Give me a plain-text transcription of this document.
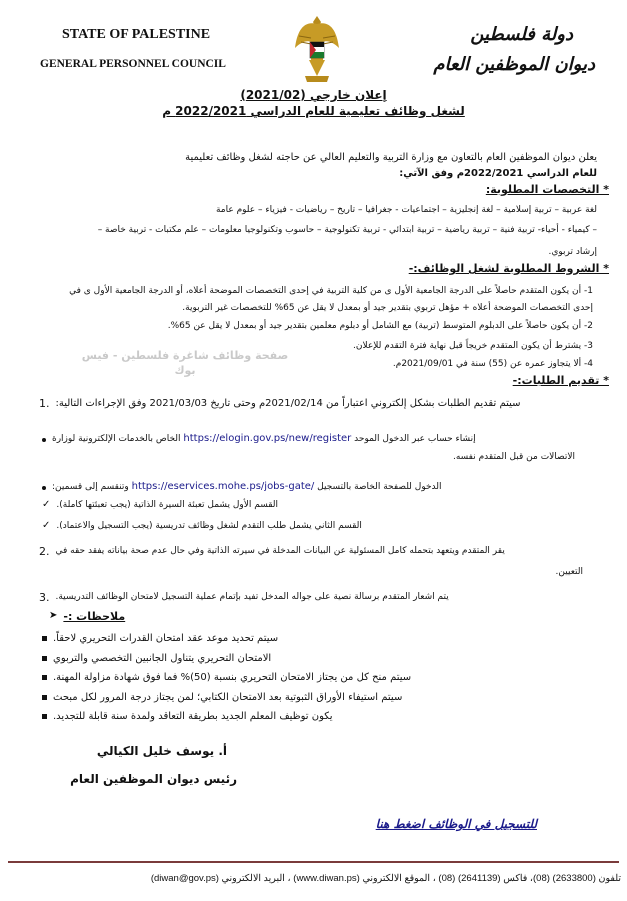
STATE OF PALESTINE
GENERAL PERSONNEL COUNCIL
دولة فلسطين
ديوان الموظفين العام
إعلان خارجي (2021/02)
لشغل وظائف تعليمية للعام الدراسي 2022/2021 م
يعلن ديوان الموظفين العام بالتعاون مع وزارة التربية والتعليم العالي عن حاجته لشغل وظائف تعليمية
للعام الدراسي 2022/2021م وفق الآتي:
* التخصصات المطلوبة:
لغة عربية – تربية إسلامية – لغة إنجليزية – اجتماعيات - جغرافيا – تاريخ – رياضيات - فيزياء – علوم عامة
– كيمياء - أحياء- تربية فنية – تربية رياضية – تربية ابتدائي - تربية تكنولوجية – حاسوب وتكنولوجيا معلومات – علم مكتبات - تربية خاصة –
إرشاد تربوي.
* الشروط المطلوبة لشغل الوظائف:-
1- أن يكون المتقدم حاصلاً على الدرجة الجامعية الأول ى من كلية التربية في إحدى التخصصات الموضحة أعلاه، أو الدرجة الجامعية الأول ى في
إحدى التخصصات الموضحة أعلاه + مؤهل تربوي بتقدير جيد أو بمعدل لا يقل عن 65% للتخصصات غير التربوية.
2- أن يكون حاصلاً على الدبلوم المتوسط (تربية) مع الشامل أو دبلوم معلمين بتقدير جيد أو بمعدل لا يقل عن 65%.
3- يشترط أن يكون المتقدم خريجاً قبل نهاية فترة التقدم للإعلان.
4- ألا يتجاوز عمره عن (55) سنة في 2021/09/01م.
صفحة وظائف شاغرة فلسطين - فيس
بوك
* تقديم الطلبات:-
.1 سيتم تقديم الطلبات بشكل إلكتروني اعتباراً من 2021/02/14م وحتى تاريخ 2021/03/03 وفق الإجراءات التالية:
إنشاء حساب عبر الدخول الموحد https://elogin.gov.ps/new/register الخاص بالخدمات الإلكترونية لوزارة
الاتصالات من قبل المتقدم نفسه.
الدخول للصفحة الخاصة بالتسجيل https://eservices.mohe.ps/jobs-gate/ وتنقسم إلى قسمين:
✓ القسم الأول يشمل تعبئة السيرة الذاتية (يجب تعبئتها كاملة).
✓ القسم الثاني يشمل طلب التقدم لشغل وظائف تدريسية (يجب التسجيل والاعتماد).
.2 يقر المتقدم ويتعهد بتحمله كامل المسئولية عن البيانات المدخلة في سيرته الذاتية وفي حال عدم صحة بياناته يفقد حقه في
التعيين.
.3 يتم اشعار المتقدم برسالة نصية على جواله المدخل تفيد بإتمام عملية التسجيل لامتحان الوظائف التدريسية.
➤ ملاحظات :-
سيتم تحديد موعد عقد امتحان القدرات التحريري لاحقاً.
الامتحان التحريري يتناول الجانبين التخصصي والتربوي
سيتم منح كل من يجتاز الامتحان التحريري بنسبة (50)% فما فوق شهادة مزاولة المهنة.
سيتم استيفاء الأوراق الثبوتية بعد الامتحان الكتابي؛ لمن يجتاز درجة المرور لكل مبحث
يكون توظيف المعلم الجديد بطريقة التعاقد ولمدة سنة قابلة للتجديد.
أ. يوسف خليل الكيالي
رئيس ديوان الموظفين العام
للتسجيل في الوظائف اضغط هنا
تلفون (2633800) (08)، فاكس (2641139) (08) ، الموقع الالكتروني (www.diwan.ps) ، البريد الالكتروني (diwan@gov.ps)
